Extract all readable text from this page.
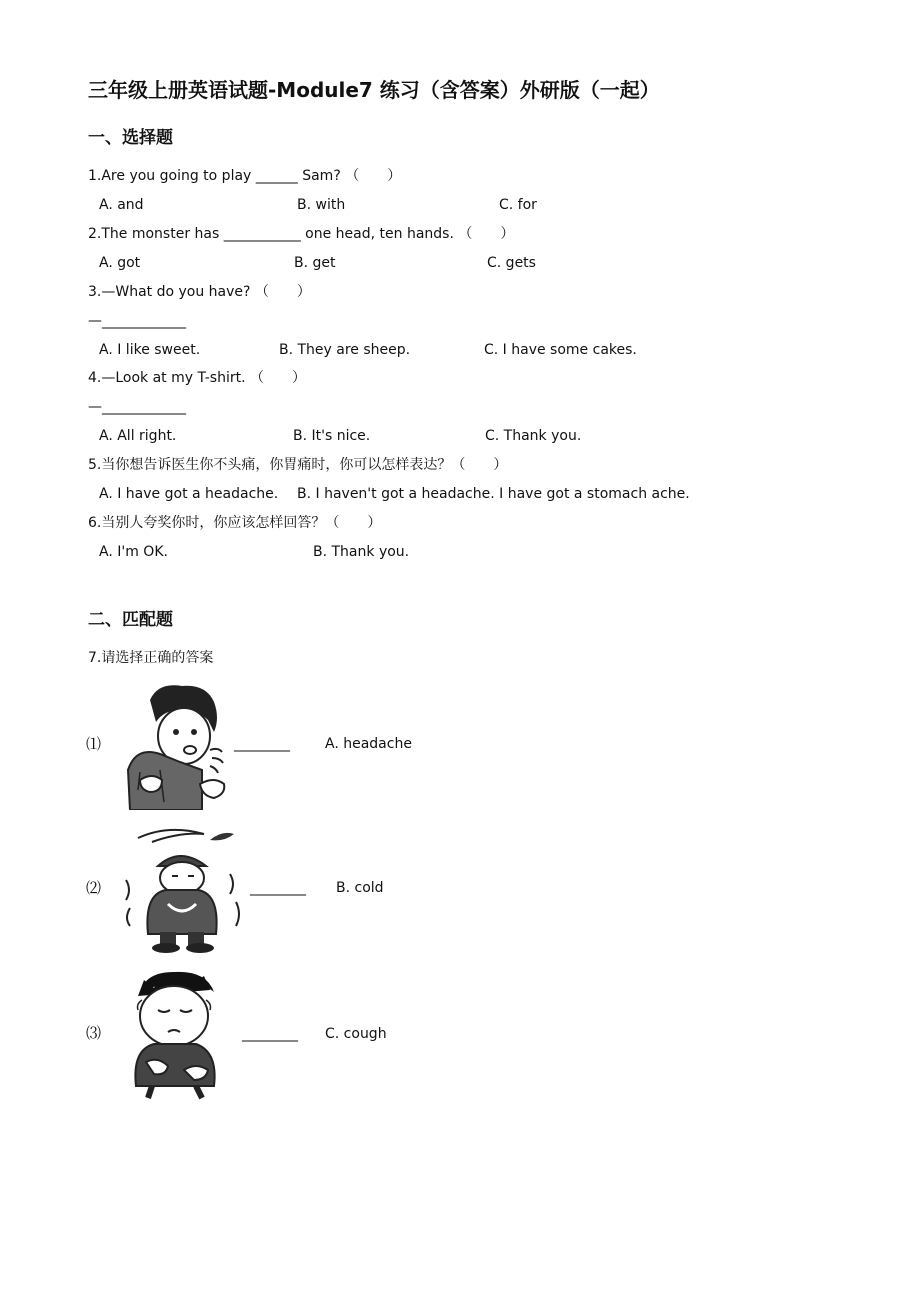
三年级上册英语试题-Module7 练习（含答案）外研版（一起）
一、选择题
1.Are you going to play ______ Sam? （　　）
A. and	B. with	C. for
2.The monster has ___________ one head, ten hands. （　　）
A. got	B. get	C. gets
3.—What do you have? （　　）
—____________
A. I like sweet.	B. They are sheep.	C. I have some cakes.
4.—Look at my T-shirt. （　　）
—____________
A. All right.	B. It's nice.	C. Thank you.
5.当你想告诉医生你不头痛，你胃痛时，你可以怎样表达？（　　）
A. I have got a headache. B. I haven't got a headache. I have got a stomach ache.
6.当别人夸奖你时，你应该怎样回答？（　　）
A. I'm OK.	B. Thank you.
二、匹配题
7.请选择正确的答案
⑴	________	A. headache
⑵	________ B. cold
⑶	________ C. cough
